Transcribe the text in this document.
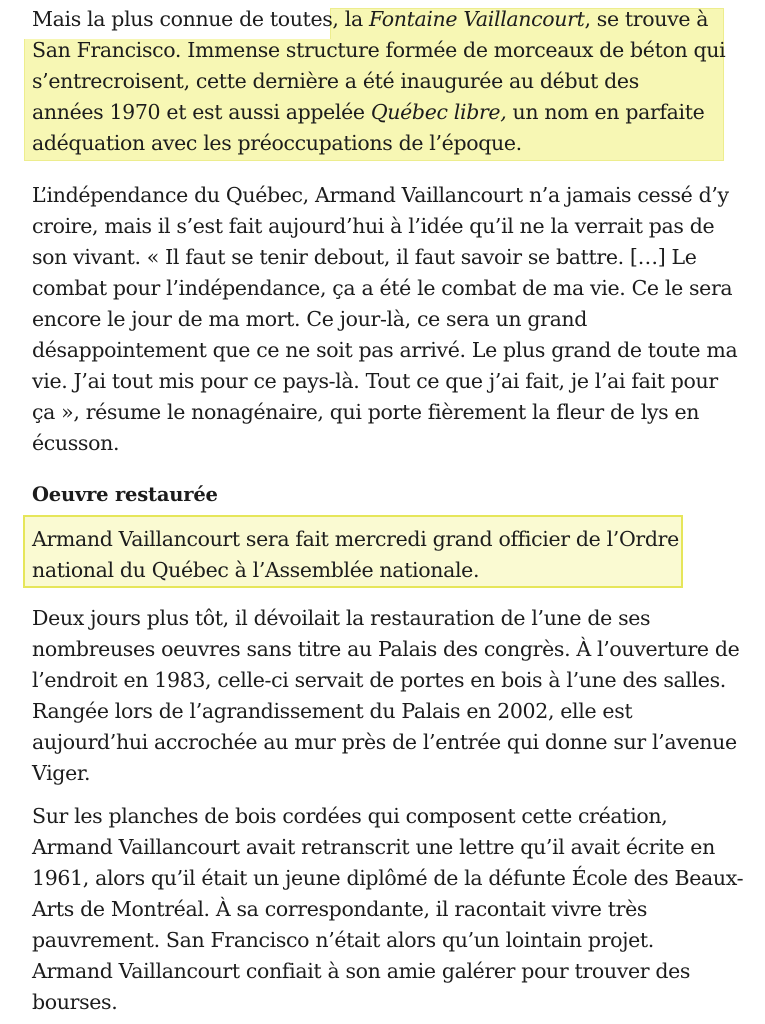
Mais la plus connue de toutes, la Fontaine Vaillancourt, se trouve à
San Francisco. Immense structure formée de morceaux de béton qui
s’entrecroisent, cette dernière a été inaugurée au début des
années 1970 et est aussi appelée Québec libre, un nom en parfaite
adéquation avec les préoccupations de l’époque.
L’indépendance du Québec, Armand Vaillancourt n’a jamais cessé d’y
croire, mais il s’est fait aujourd’hui à l’idée qu’il ne la verrait pas de
son vivant. « Il faut se tenir debout, il faut savoir se battre. […] Le
combat pour l’indépendance, ça a été le combat de ma vie. Ce le sera
encore le jour de ma mort. Ce jour-là, ce sera un grand
désappointement que ce ne soit pas arrivé. Le plus grand de toute ma
vie. J’ai tout mis pour ce pays-là. Tout ce que j’ai fait, je l’ai fait pour
ça », résume le nonagénaire, qui porte fièrement la fleur de lys en
écusson.
Oeuvre restaurée
Armand Vaillancourt sera fait mercredi grand officier de l’Ordre
national du Québec à l’Assemblée nationale.
Deux jours plus tôt, il dévoilait la restauration de l’une de ses
nombreuses oeuvres sans titre au Palais des congrès. À l’ouverture de
l’endroit en 1983, celle-ci servait de portes en bois à l’une des salles.
Rangée lors de l’agrandissement du Palais en 2002, elle est
aujourd’hui accrochée au mur près de l’entrée qui donne sur l’avenue
Viger.
Sur les planches de bois cordées qui composent cette création,
Armand Vaillancourt avait retranscrit une lettre qu’il avait écrite en
1961, alors qu’il était un jeune diplômé de la défunte École des Beaux-
Arts de Montréal. À sa correspondante, il racontait vivre très
pauvrement. San Francisco n’était alors qu’un lointain projet.
Armand Vaillancourt confiait à son amie galérer pour trouver des
bourses.
